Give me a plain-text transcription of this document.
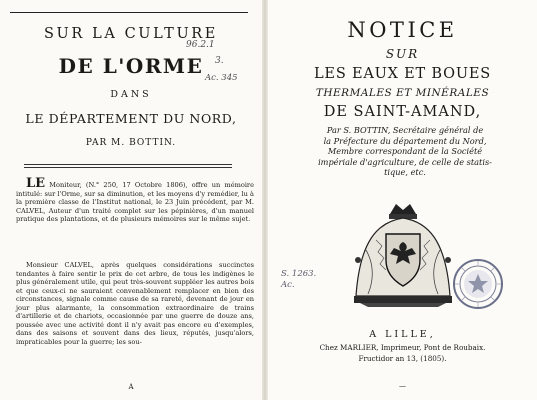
SUR LA CULTURE
DE L'ORME
DANS
LE DÉPARTEMENT DU NORD,
PAR M. BOTTIN.
96.2.1
3.
Ac. 345

LE Moniteur, (N.° 250, 17 Octobre 1806), offre un mémoire intitulé: sur l'Orme, sur sa diminution, et les moyens d'y remédier, lu à la première classe de l'Institut national, le 23 Juin précédent, par M. CALVEL, Auteur d'un traité complet sur les pépinières, d'un manuel pratique des plantations, et de plusieurs mémoires sur le même sujet.

Monsieur CALVEL, après quelques considérations succinctes tendantes à faire sentir le prix de cet arbre, de tous les indigènes le plus généralement utile, qui peut très-souvent suppléer les autres bois et que ceux-ci ne sauraient convenablement remplacer en bien des circonstances, signale comme cause de sa rareté, devenant de jour en jour plus alarmante, la consommation extraordinaire de trains d'artillerie et de chariots, occasionnée par une guerre de douze ans, poussée avec une activité dont il n'y avait pas encore eu d'exemples, dans des saisons et souvent dans des lieux, réputés, jusqu'alors, impraticables pour la guerre; les sou-

A
NOTICE
SUR
LES EAUX ET BOUES
THERMALES ET MINÉRALES
DE SAINT-AMAND,

Par S. BOTTIN, Secrétaire général de

la Préfecture du département du Nord,

Membre correspondant de la Société

impériale d'agriculture, de celle de statis-

tique, etc.

S. 1263.
Ac.
A LILLE,
Chez MARLIER, Imprimeur, Pont de Roubaix.
Fructidor an 13, (1805).
—
